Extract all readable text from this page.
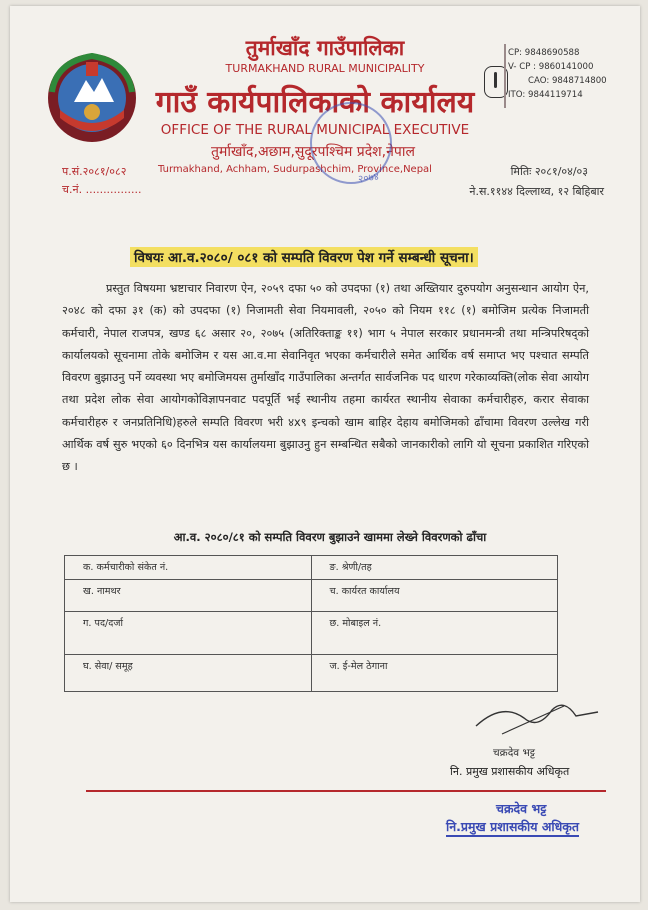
तुर्माखाँद गाउँपालिका
TURMAKHAND RURAL MUNICIPALITY
गाउँ कार्यपालिकाको कार्यालय
OFFICE OF THE RURAL MUNICIPAL EXECUTIVE
तुर्माखाँद,अछाम,सुदूरपश्चिम प्रदेश,नेपाल
Turmakhand, Achham, Sudurpashchim, Province,Nepal
CP: 9848690588
V- CP : 9860141000
CAO: 9848714800
ITO: 9844119714
२०७४
प.सं.२०८१/०८२
च.नं. ................
मितिः २०८१/०४/०३
ने.स.११४४ दिल्लाथ्व, १२ बिहिबार
विषयः आ.व.२०८०/ ०८१ को सम्पति विवरण पेश गर्ने सम्बन्धी सूचना।
प्रस्तुत विषयमा भ्रष्टाचार निवारण ऐन, २०५९ दफा ५० को उपदफा (१) तथा अख्तियार दुरुपयोग अनुसन्धान आयोग ऐन, २०४८ को दफा ३१ (क) को उपदफा (१) निजामती सेवा नियमावली, २०५० को नियम ११८ (१) बमोजिम प्रत्येक निजामती कर्मचारी, नेपाल राजपत्र, खण्ड ६८ असार २०, २०७५ (अतिरिक्ताङ्क ११) भाग ५ नेपाल सरकार प्रधानमन्त्री तथा मन्त्रिपरिषद्को कार्यालयको सूचनामा तोके बमोजिम र यस आ.व.मा सेवानिवृत भएका कर्मचारीले समेत आर्थिक वर्ष समाप्त भए पश्चात सम्पति विवरण बुझाउनु पर्ने व्यवस्था भए बमोजिमयस तुर्माखाँद गाउँपालिका अन्तर्गत सार्वजनिक पद धारण गरेकाव्यक्ति(लोक सेवा आयोग तथा प्रदेश लोक सेवा आयोगकोविज्ञापनवाट पदपूर्ति भई स्थानीय तहमा कार्यरत स्थानीय सेवाका कर्मचारीहरु, करार सेवाका कर्मचारीहरु र जनप्रतिनिधि)हरुले सम्पति विवरण भरी ४x९ इन्चको खाम बाहिर देहाय बमोजिमको ढाँचामा विवरण उल्लेख गरी आर्थिक वर्ष सुरु भएको ६० दिनभित्र यस कार्यालयमा बुझाउनु हुन सम्बन्धित सबैको जानकारीको लागि यो सूचना प्रकाशित गरिएको छ ।
आ.व. २०८०/८१ को सम्पति विवरण बुझाउने खाममा लेख्ने विवरणको ढाँचा
क. कर्मचारीको संकेत नं.	ङ. श्रेणी/तह
ख. नामथर	च. कार्यरत कार्यालय
ग. पद/दर्जा	छ. मोबाइल नं.
घ. सेवा/ समूह	ज. ई-मेल ठेगाना
चक्रदेव भट्ट
नि. प्रमुख प्रशासकीय अधिकृत
चक्रदेव भट्ट
नि.प्रमुख प्रशासकीय अधिकृत
